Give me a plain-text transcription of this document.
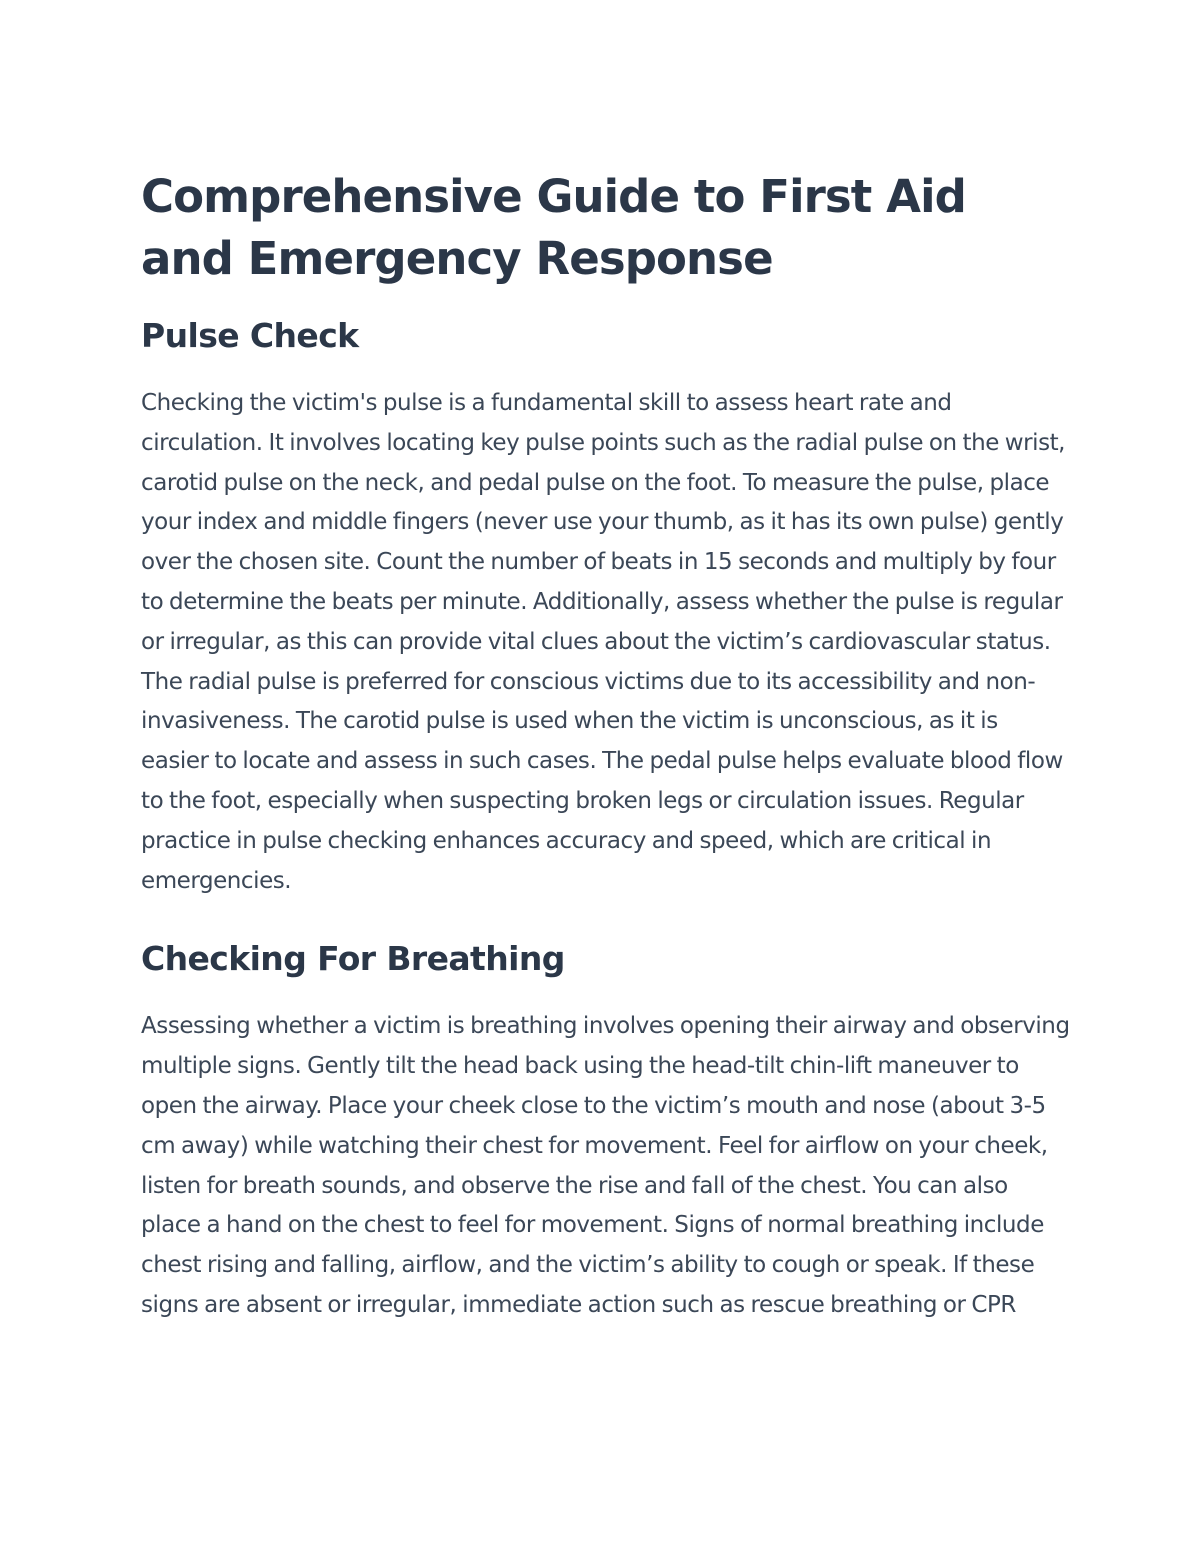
Comprehensive Guide to First Aid and Emergency Response
Pulse Check

Checking the victim's pulse is a fundamental skill to assess heart rate and circulation. It involves locating key pulse points such as the radial pulse on the wrist, carotid pulse on the neck, and pedal pulse on the foot. To measure the pulse, place your index and middle fingers (never use your thumb, as it has its own pulse) gently over the chosen site. Count the number of beats in 15 seconds and multiply by four to determine the beats per minute. Additionally, assess whether the pulse is regular or irregular, as this can provide vital clues about the victim’s cardiovascular status. The radial pulse is preferred for conscious victims due to its accessibility and non-invasiveness. The carotid pulse is used when the victim is unconscious, as it is easier to locate and assess in such cases. The pedal pulse helps evaluate blood flow to the foot, especially when suspecting broken legs or circulation issues. Regular practice in pulse checking enhances accuracy and speed, which are critical in emergencies.

Checking For Breathing

Assessing whether a victim is breathing involves opening their airway and observing multiple signs. Gently tilt the head back using the head-tilt chin-lift maneuver to open the airway. Place your cheek close to the victim’s mouth and nose (about 3-5 cm away) while watching their chest for movement. Feel for airflow on your cheek, listen for breath sounds, and observe the rise and fall of the chest. You can also place a hand on the chest to feel for movement. Signs of normal breathing include chest rising and falling, airflow, and the victim’s ability to cough or speak. If these signs are absent or irregular, immediate action such as rescue breathing or CPR
